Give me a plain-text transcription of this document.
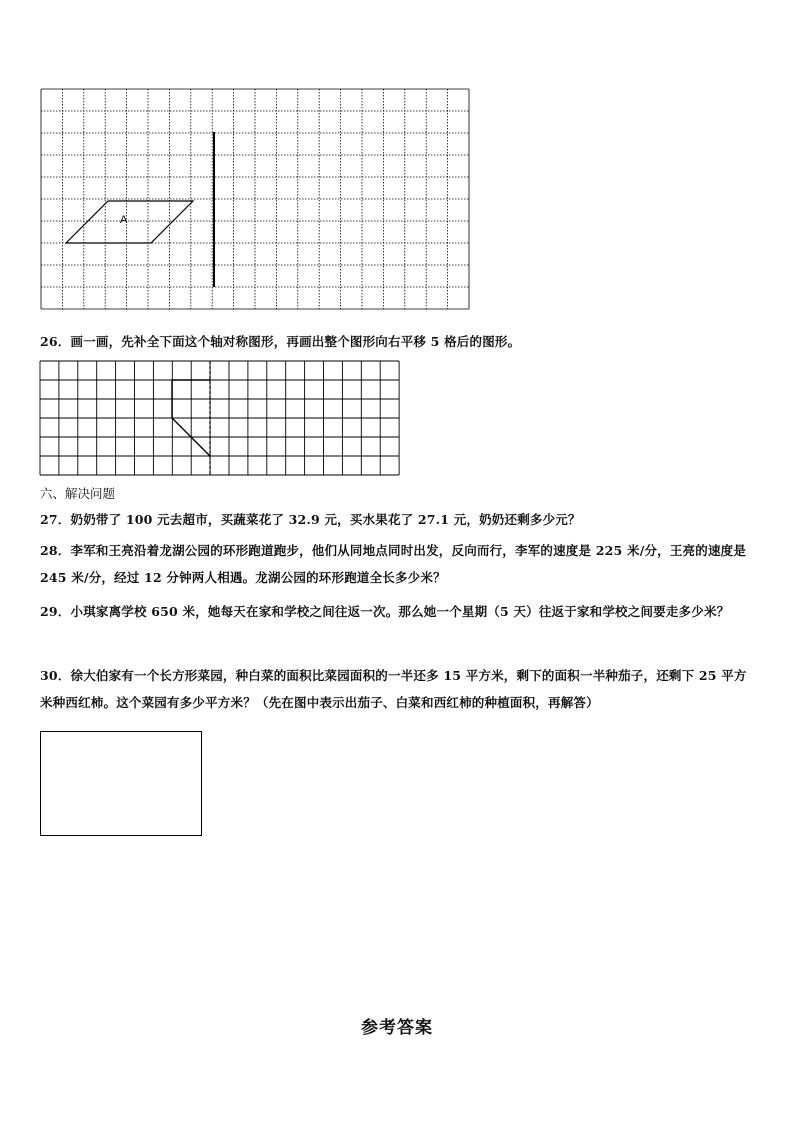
A
26．画一画，先补全下面这个轴对称图形，再画出整个图形向右平移 5 格后的图形。
六、解决问题
27．奶奶带了 100 元去超市，买蔬菜花了 32.9 元，买水果花了 27.1 元，奶奶还剩多少元？
28．李军和王亮沿着龙湖公园的环形跑道跑步，他们从同地点同时出发，反向而行，李军的速度是 225 米/分，王亮的速度是 245 米/分，经过 12 分钟两人相遇。龙湖公园的环形跑道全长多少米？
29．小琪家离学校 650 米，她每天在家和学校之间往返一次。那么她一个星期（5 天）往返于家和学校之间要走多少米？
30．徐大伯家有一个长方形菜园，种白菜的面积比菜园面积的一半还多 15 平方米，剩下的面积一半种茄子，还剩下 25 平方米种西红柿。这个菜园有多少平方米？（先在图中表示出茄子、白菜和西红柿的种植面积，再解答）
参考答案
